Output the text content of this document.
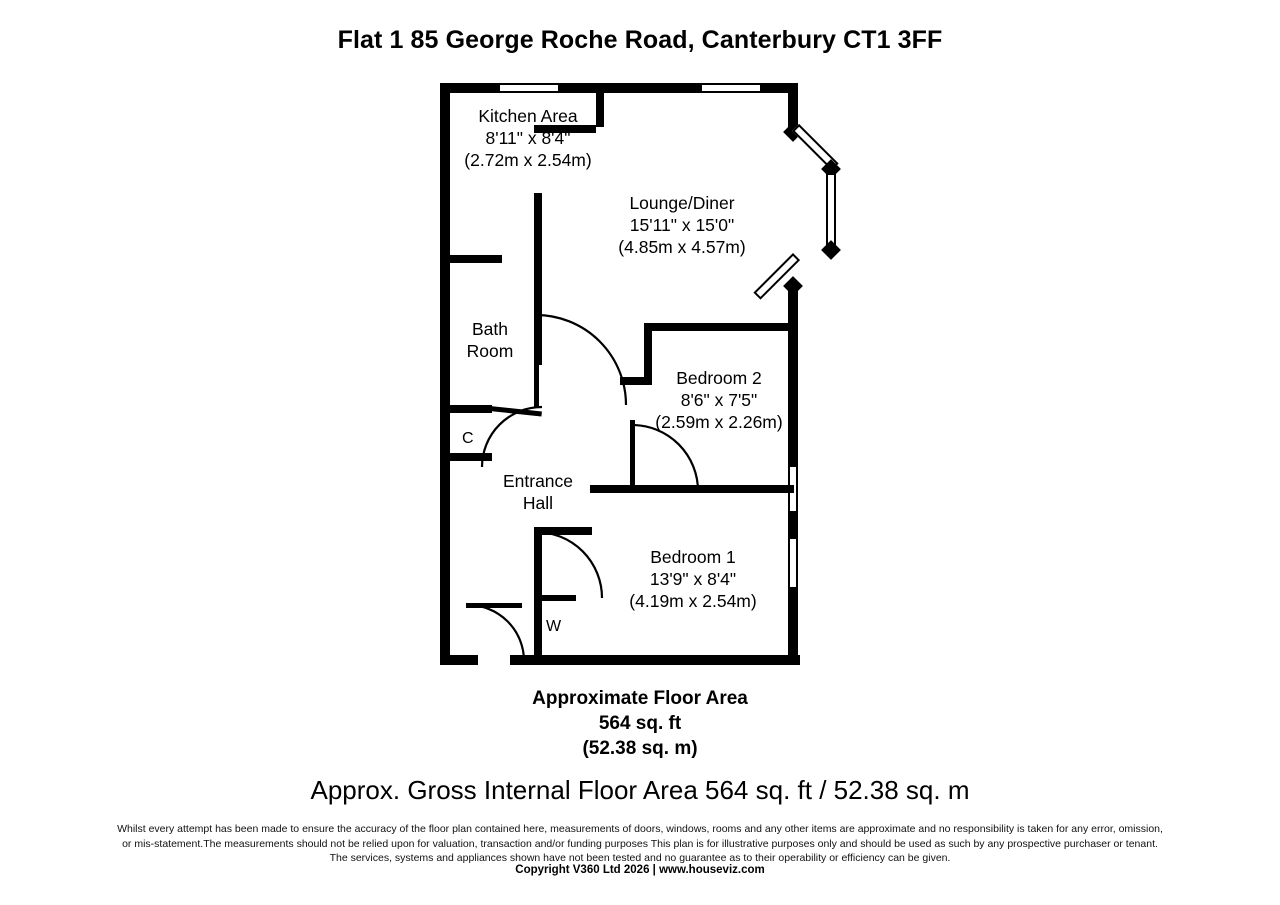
Flat 1 85 George Roche Road, Canterbury CT1 3FF
Kitchen Area
8'11" x 8'4"
(2.72m x 2.54m)
Lounge/Diner
15'11" x 15'0"
(4.85m x 4.57m)
Bath
Room
Bedroom 2
8'6" x 7'5"
(2.59m x 2.26m)
Entrance
Hall
Bedroom 1
13'9" x 8'4"
(4.19m x 2.54m)
C
W
Approximate Floor Area
564 sq. ft
(52.38 sq. m)
Approx. Gross Internal Floor Area 564 sq. ft / 52.38 sq. m
Whilst every attempt has been made to ensure the accuracy of the floor plan contained here, measurements of doors, windows, rooms and any other items are approximate and no responsibility is taken for any error, omission,
or mis-statement.The measurements should not be relied upon for valuation, transaction and/or funding purposes This plan is for illustrative purposes only and should be used as such by any prospective purchaser or tenant.
The services, systems and appliances shown have not been tested and no guarantee as to their operability or efficiency can be given.
Copyright V360 Ltd 2026 | www.houseviz.com
